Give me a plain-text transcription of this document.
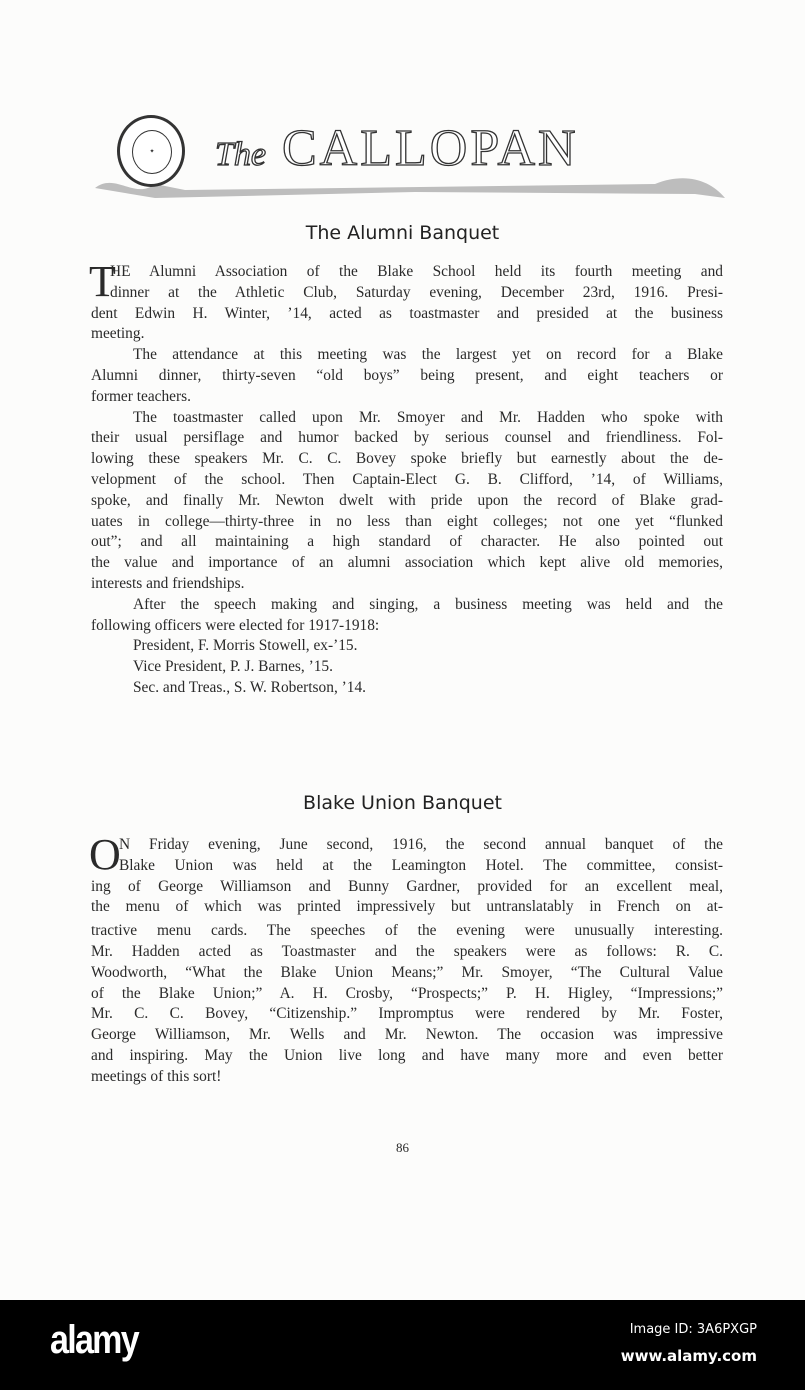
✦	The CALLOPAN
The Alumni Banquet
T
HE Alumni Association of the Blake School held its fourth meeting and
dinner at the Athletic Club, Saturday evening, December 23rd, 1916. Presi-
dent Edwin H. Winter, ’14, acted as toastmaster and presided at the business
meeting.
The attendance at this meeting was the largest yet on record for a Blake
Alumni dinner, thirty-seven “old boys” being present, and eight teachers or
former teachers.
The toastmaster called upon Mr. Smoyer and Mr. Hadden who spoke with
their usual persiflage and humor backed by serious counsel and friendliness. Fol-
lowing these speakers Mr. C. C. Bovey spoke briefly but earnestly about the de-
velopment of the school. Then Captain-Elect G. B. Clifford, ’14, of Williams,
spoke, and finally Mr. Newton dwelt with pride upon the record of Blake grad-
uates in college—thirty-three in no less than eight colleges; not one yet “flunked
out”; and all maintaining a high standard of character. He also pointed out
the value and importance of an alumni association which kept alive old memories,
interests and friendships.
After the speech making and singing, a business meeting was held and the
following officers were elected for 1917-1918:
President, F. Morris Stowell, ex-’15.
Vice President, P. J. Barnes, ’15.
Sec. and Treas., S. W. Robertson, ’14.
Blake Union Banquet
O
N Friday evening, June second, 1916, the second annual banquet of the
Blake Union was held at the Leamington Hotel. The committee, consist-
ing of George Williamson and Bunny Gardner, provided for an excellent meal,
the menu of which was printed impressively but untranslatably in French on at-
tractive menu cards. The speeches of the evening were unusually interesting.
Mr. Hadden acted as Toastmaster and the speakers were as follows: R. C.
Woodworth, “What the Blake Union Means;” Mr. Smoyer, “The Cultural Value
of the Blake Union;” A. H. Crosby, “Prospects;” P. H. Higley, “Impressions;”
Mr. C. C. Bovey, “Citizenship.” Impromptus were rendered by Mr. Foster,
George Williamson, Mr. Wells and Mr. Newton. The occasion was impressive
and inspiring. May the Union live long and have many more and even better
meetings of this sort!
86
alamy	Image ID: 3A6PXGP
www.alamy.com
